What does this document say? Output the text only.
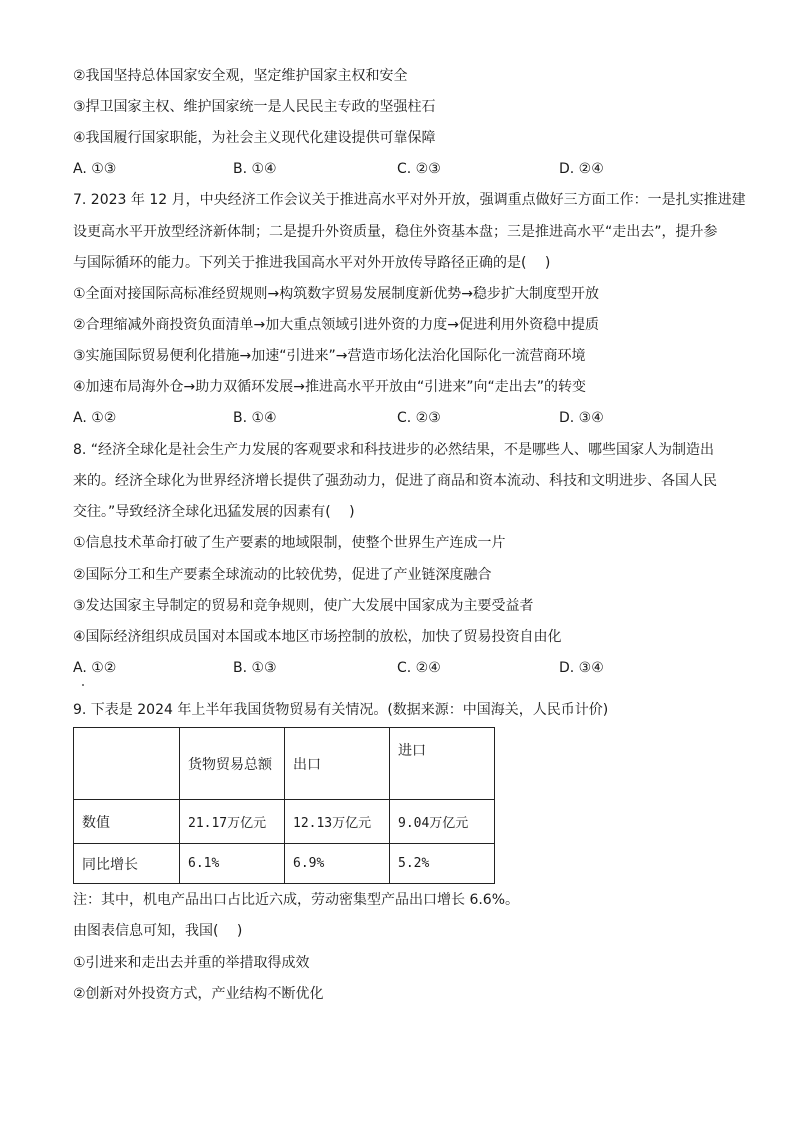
②我国坚持总体国家安全观，坚定维护国家主权和安全
③捍卫国家主权、维护国家统一是人民民主专政的坚强柱石
④我国履行国家职能，为社会主义现代化建设提供可靠保障
A. ①③	B. ①④	C. ②③	D. ②④
7. 2023 年 12 月，中央经济工作会议关于推进高水平对外开放，强调重点做好三方面工作：一是扎实推进建
设更高水平开放型经济新体制；二是提升外资质量，稳住外资基本盘；三是推进高水平“走出去”，提升参
与国际循环的能力。下列关于推进我国高水平对外开放传导路径正确的是(　 )
①全面对接国际高标准经贸规则→构筑数字贸易发展制度新优势→稳步扩大制度型开放
②合理缩减外商投资负面清单→加大重点领域引进外资的力度→促进利用外资稳中提质
③实施国际贸易便利化措施→加速“引进来”→营造市场化法治化国际化一流营商环境
④加速布局海外仓→助力双循环发展→推进高水平开放由“引进来”向“走出去”的转变
A. ①②	B. ①④	C. ②③	D. ③④
8. “经济全球化是社会生产力发展的客观要求和科技进步的必然结果，不是哪些人、哪些国家人为制造出
来的。经济全球化为世界经济增长提供了强劲动力，促进了商品和资本流动、科技和文明进步、各国人民
交往。”导致经济全球化迅猛发展的因素有(　 )
①信息技术革命打破了生产要素的地域限制，使整个世界生产连成一片
②国际分工和生产要素全球流动的比较优势，促进了产业链深度融合
③发达国家主导制定的贸易和竞争规则，使广大发展中国家成为主要受益者
④国际经济组织成员国对本国或本地区市场控制的放松，加快了贸易投资自由化
A. ①②	B. ①③	C. ②④	D. ③④
9. 下表是 2024 年上半年我国货物贸易有关情况。(数据来源：中国海关，人民币计价)
	货物贸易总额	出口	进口
数值	21.17万亿元	12.13万亿元	9.04万亿元
同比增长	6.1%	6.9%	5.2%
注：其中，机电产品出口占比近六成，劳动密集型产品出口增长 6.6%。
由图表信息可知，我国(　 )
①引进来和走出去并重的举措取得成效
②创新对外投资方式，产业结构不断优化
